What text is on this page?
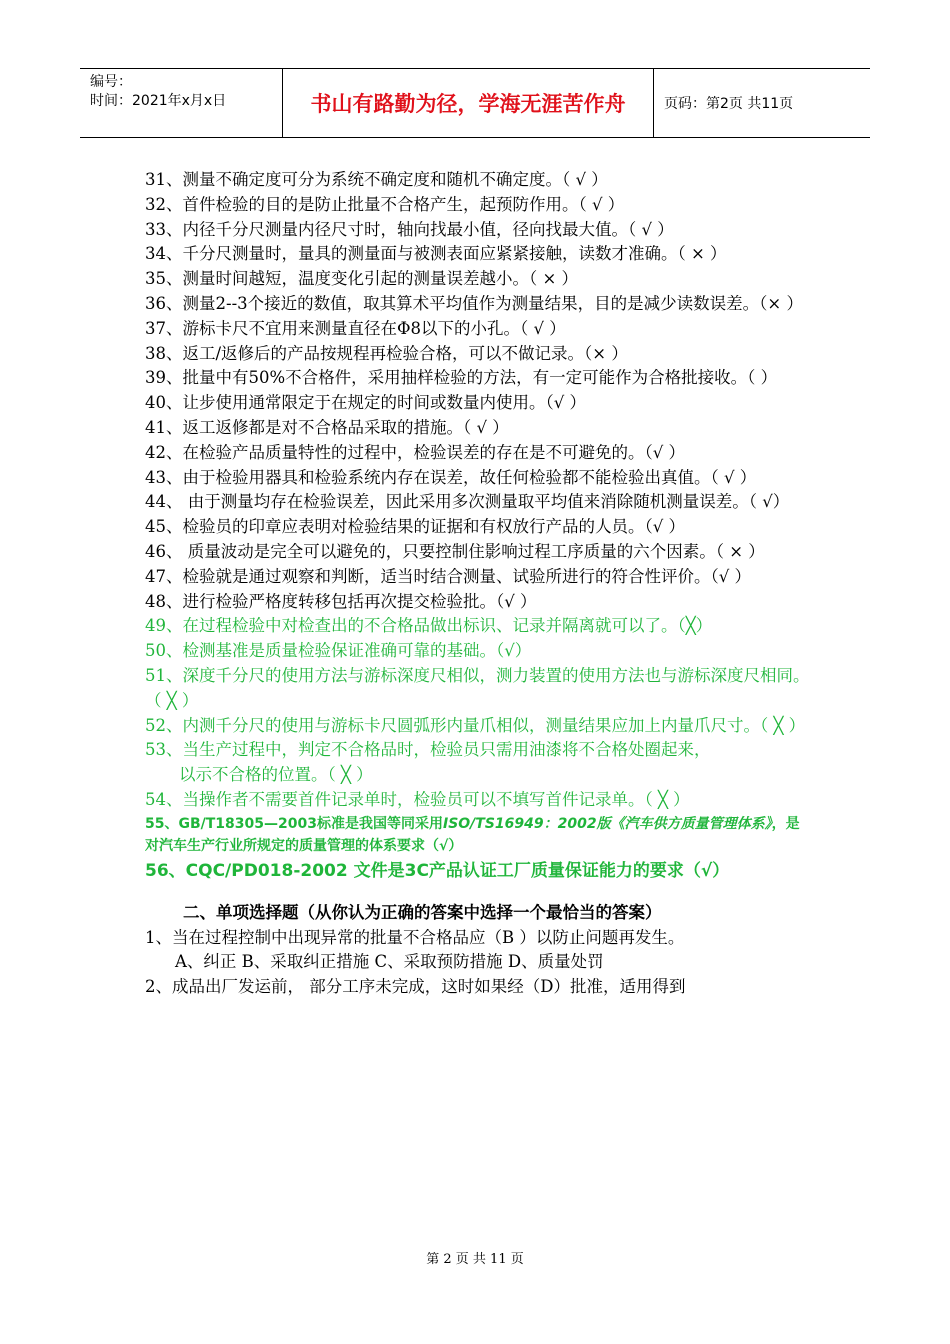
编号：
时间：2021年x月x日	书山有路勤为径，学海无涯苦作舟	页码：第2页 共11页

31、测量不确定度可分为系统不确定度和随机不确定度。（ √ ）

32、首件检验的目的是防止批量不合格产生，起预防作用。（ √ ）

33、内径千分尺测量内径尺寸时，轴向找最小值，径向找最大值。（ √ ）

34、千分尺测量时，量具的测量面与被测表面应紧紧接触，读数才准确。（ × ）

35、测量时间越短，温度变化引起的测量误差越小。（ × ）

36、测量2--3个接近的数值，取其算术平均值作为测量结果，目的是减少读数误差。（× ）

37、游标卡尺不宜用来测量直径在Φ8以下的小孔。（ √ ）

38、返工/返修后的产品按规程再检验合格，可以不做记录。（× ）

39、批量中有50%不合格件，采用抽样检验的方法，有一定可能作为合格批接收。（ ）

40、让步使用通常限定于在规定的时间或数量内使用。（√ ）

41、返工返修都是对不合格品采取的措施。（ √ ）

42、在检验产品质量特性的过程中，检验误差的存在是不可避免的。（√ ）

43、由于检验用器具和检验系统内存在误差，故任何检验都不能检验出真值。（ √ ）

44、 由于测量均存在检验误差，因此采用多次测量取平均值来消除随机测量误差。（ √）

45、检验员的印章应表明对检验结果的证据和有权放行产品的人员。（√ ）

46、 质量波动是完全可以避免的，只要控制住影响过程工序质量的六个因素。（ × ）

47、检验就是通过观察和判断，适当时结合测量、试验所进行的符合性评价。（√ ）

48、进行检验严格度转移包括再次提交检验批。（√ ）

49、在过程检验中对检查出的不合格品做出标识、记录并隔离就可以了。（╳）

50、检测基准是质量检验保证准确可靠的基础。（√）

51、深度千分尺的使用方法与游标深度尺相似，测力装置的使用方法也与游标深度尺相同。 （ ╳ ）

52、内测千分尺的使用与游标卡尺圆弧形内量爪相似，测量结果应加上内量爪尺寸。（ ╳ ）

53、当生产过程中，判定不合格品时，检验员只需用油漆将不合格处圈起来，

以示不合格的位置。（ ╳ ）

54、当操作者不需要首件记录单时，检验员可以不填写首件记录单。（ ╳ ）

55、GB/T18305—2003标准是我国等同采用ISO/TS16949：2002版《汽车供方质量管理体系》，是对汽车生产行业所规定的质量管理的体系要求（√）

56、CQC/PD018-2002 文件是3C产品认证工厂质量保证能力的要求（√）

二、单项选择题（从你认为正确的答案中选择一个最恰当的答案）

1、当在过程控制中出现异常的批量不合格品应（B ）以防止问题再发生。

A、纠正 B、采取纠正措施 C、采取预防措施 D、质量处罚

2、成品出厂发运前， 部分工序未完成，这时如果经（D）批准，适用得到

第 2 页 共 11 页
